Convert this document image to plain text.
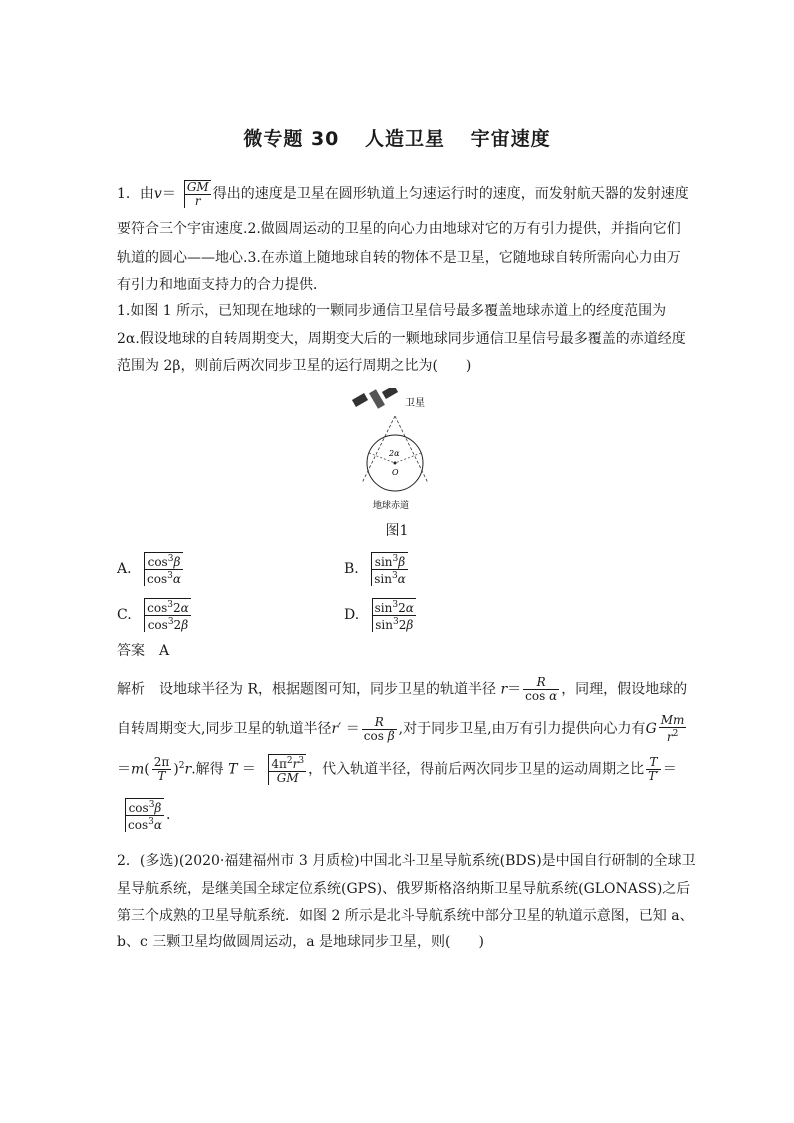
微专题 30 人造卫星 宇宙速度
1．由$v= \frac{GM}{r}$ 得出的速度是卫星在圆形轨道上匀速运行时的速度，而发射航天器的发射速度
要符合三个宇宙速度.2.做圆周运动的卫星的向心力由地球对它的万有引力提供，并指向它们
轨道的圆心——地心.3.在赤道上随地球自转的物体不是卫星，它随地球自转所需向心力由万
有引力和地面支持力的合力提供．
1.如图 1 所示，已知现在地球的一颗同步通信卫星信号最多覆盖地球赤道上的经度范围为
2α.假设地球的自转周期变大，周期变大后的一颗地球同步通信卫星信号最多覆盖的赤道经度
范围为 2β，则前后两次同步卫星的运行周期之比为(　　)
卫星
2α
O
地球赤道
图1
A. $\frac{\cos^3\beta}{\cos^3\alpha}$	B. $\frac{\sin^3\beta}{\sin^3\alpha}$
C. $\frac{\cos^32\alpha}{\cos^32\beta}$	D. $\frac{\sin^32\alpha}{\sin^32\beta}$
答案　 A
解析　 设地球半径为 R，根据题图可知，同步卫星的轨道半径 $r= \frac{R}{\text{cos α}}$ ，同理，假设地球的
自转周期变大,同步卫星的轨道半径$r' = \frac{R}{\text{cos β}}$ ,对于同步卫星,由万有引力提供向心力有G $\frac{Mm}{r^2}$
$=m( \frac{2\pi}{T} )^2r$.解得 $T = \frac{4\pi^2r^3}{GM}$ ，代入轨道半径，得前后两次同步卫星的运动周期之比 $\frac{T}{T'}$ ＝
$\frac{\cos^3\beta}{\cos^3\alpha}$ .
2．(多选)(2020·福建福州市 3 月质检)中国北斗卫星导航系统(BDS)是中国自行研制的全球卫
星导航系统，是继美国全球定位系统(GPS)、俄罗斯格洛纳斯卫星导航系统(GLONASS)之后
第三个成熟的卫星导航系统．如图 2 所示是北斗导航系统中部分卫星的轨道示意图，已知 a、
b、c 三颗卫星均做圆周运动，a 是地球同步卫星，则(　　)
